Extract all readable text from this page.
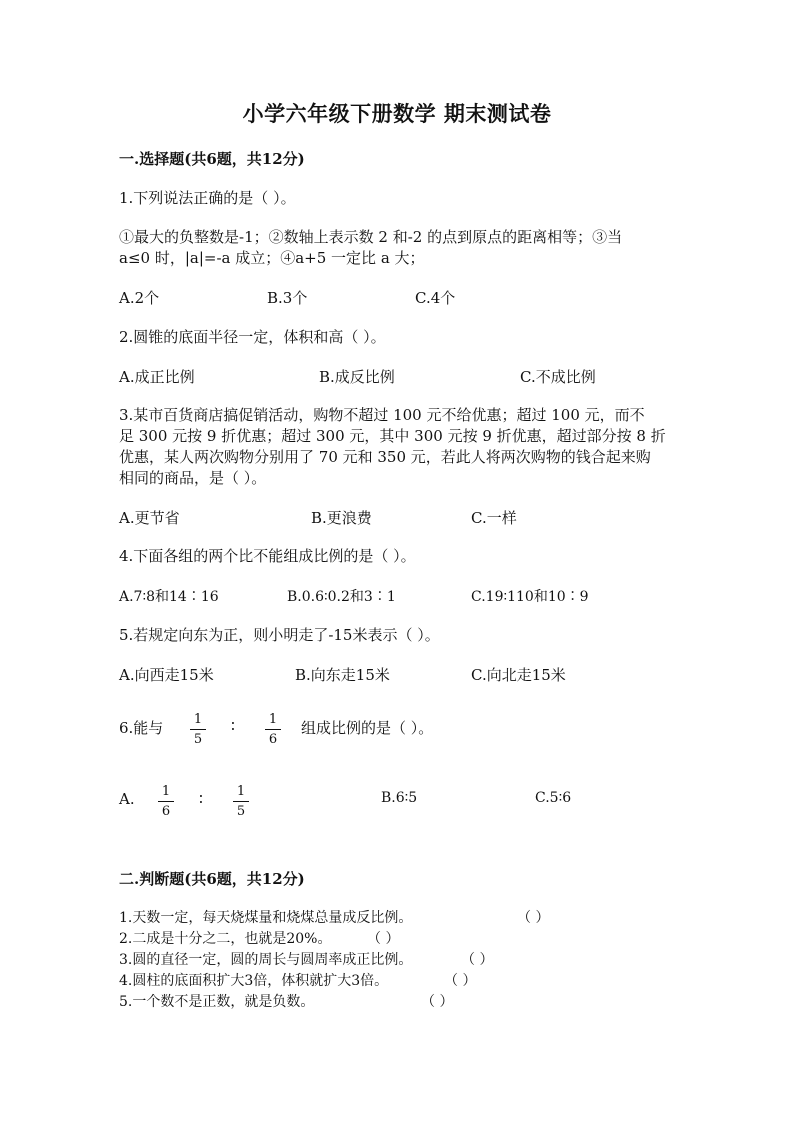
小学六年级下册数学 期末测试卷
一.选择题(共6题，共12分)
1.下列说法正确的是（ ）。
①最大的负整数是-1；②数轴上表示数 2 和-2 的点到原点的距离相等；③当
a≤0 时，|a|=-a 成立；④a+5 一定比 a 大；
A.2个	B.3个	C.4个
2.圆锥的底面半径一定，体积和高（ ）。
A.成正比例	B.成反比例	C.不成比例
3.某市百货商店搞促销活动，购物不超过 100 元不给优惠；超过 100 元，而不
足 300 元按 9 折优惠；超过 300 元，其中 300 元按 9 折优惠，超过部分按 8 折
优惠，某人两次购物分别用了 70 元和 350 元，若此人将两次购物的钱合起来购
相同的商品，是（ ）。
A.更节省	B.更浪费	C.一样
4.下面各组的两个比不能组成比例的是（ ）。
A.7∶8和14∶16	B.0.6∶0.2和3∶1	C.19∶110和10∶9
5.若规定向东为正，则小明走了-15米表示（ ）。
A.向西走15米	B.向东走15米	C.向北走15米
6.能与	1
5
∶	1
6
组成比例的是（ ）。
A.	1
6
∶	1
5
B.6∶5	C.5∶6
二.判断题(共6题，共12分)
1.天数一定，每天烧煤量和烧煤总量成反比例。	（ ）
2.二成是十分之二，也就是20%。	（ ）
3.圆的直径一定，圆的周长与圆周率成正比例。	（ ）
4.圆柱的底面积扩大3倍，体积就扩大3倍。	（ ）
5.一个数不是正数，就是负数。	（ ）
